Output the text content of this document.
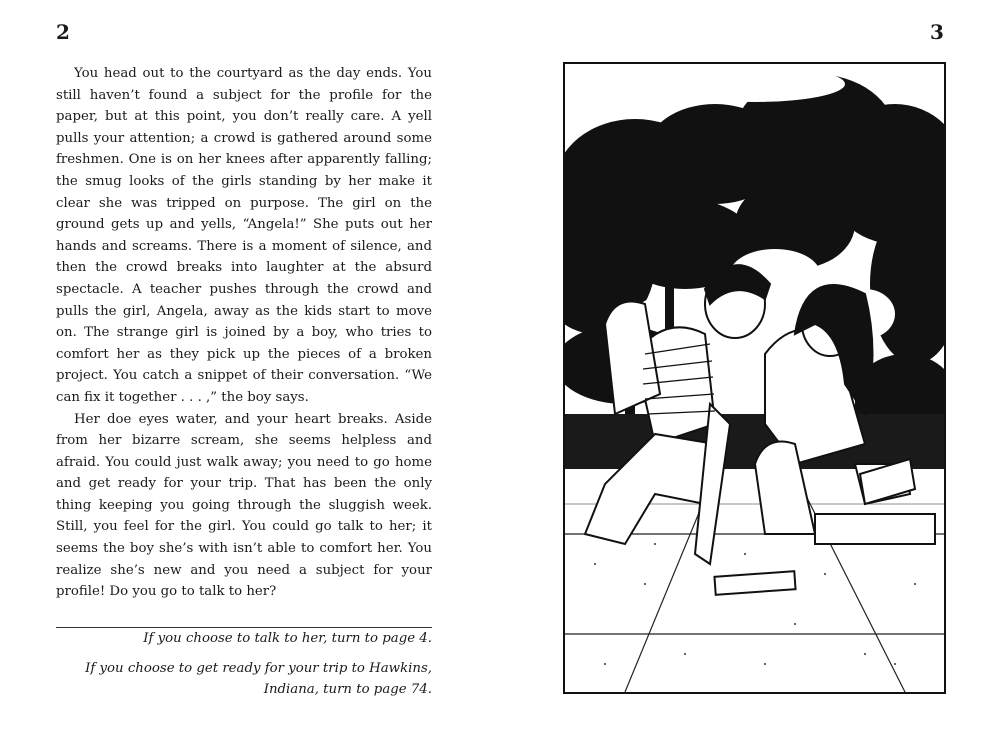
2	3

You head out to the courtyard as the day ends. You still haven’t found a subject for the profile for the paper, but at this point, you don’t really care. A yell pulls your attention; a crowd is gathered around some freshmen. One is on her knees after apparently falling; the smug looks of the girls standing by her make it clear she was tripped on purpose. The girl on the ground gets up and yells, “Angela!” She puts out her hands and screams. There is a moment of silence, and then the crowd breaks into laughter at the absurd spectacle. A teacher pushes through the crowd and pulls the girl, Angela, away as the kids start to move on. The strange girl is joined by a boy, who tries to comfort her as they pick up the pieces of a broken project. You catch a snippet of their conversation. “We can fix it together . . . ,” the boy says.

Her doe eyes water, and your heart breaks. Aside from her bizarre scream, she seems helpless and afraid. You could just walk away; you need to go home and get ready for your trip. That has been the only thing keeping you going through the sluggish week. Still, you feel for the girl. You could go talk to her; it seems the boy she’s with isn’t able to comfort her. You realize she’s new and you need a subject for your profile! Do you go to talk to her?

If you choose to talk to her, turn to page 4.
If you choose to get ready for your trip to Hawkins, Indiana, turn to page 74.
